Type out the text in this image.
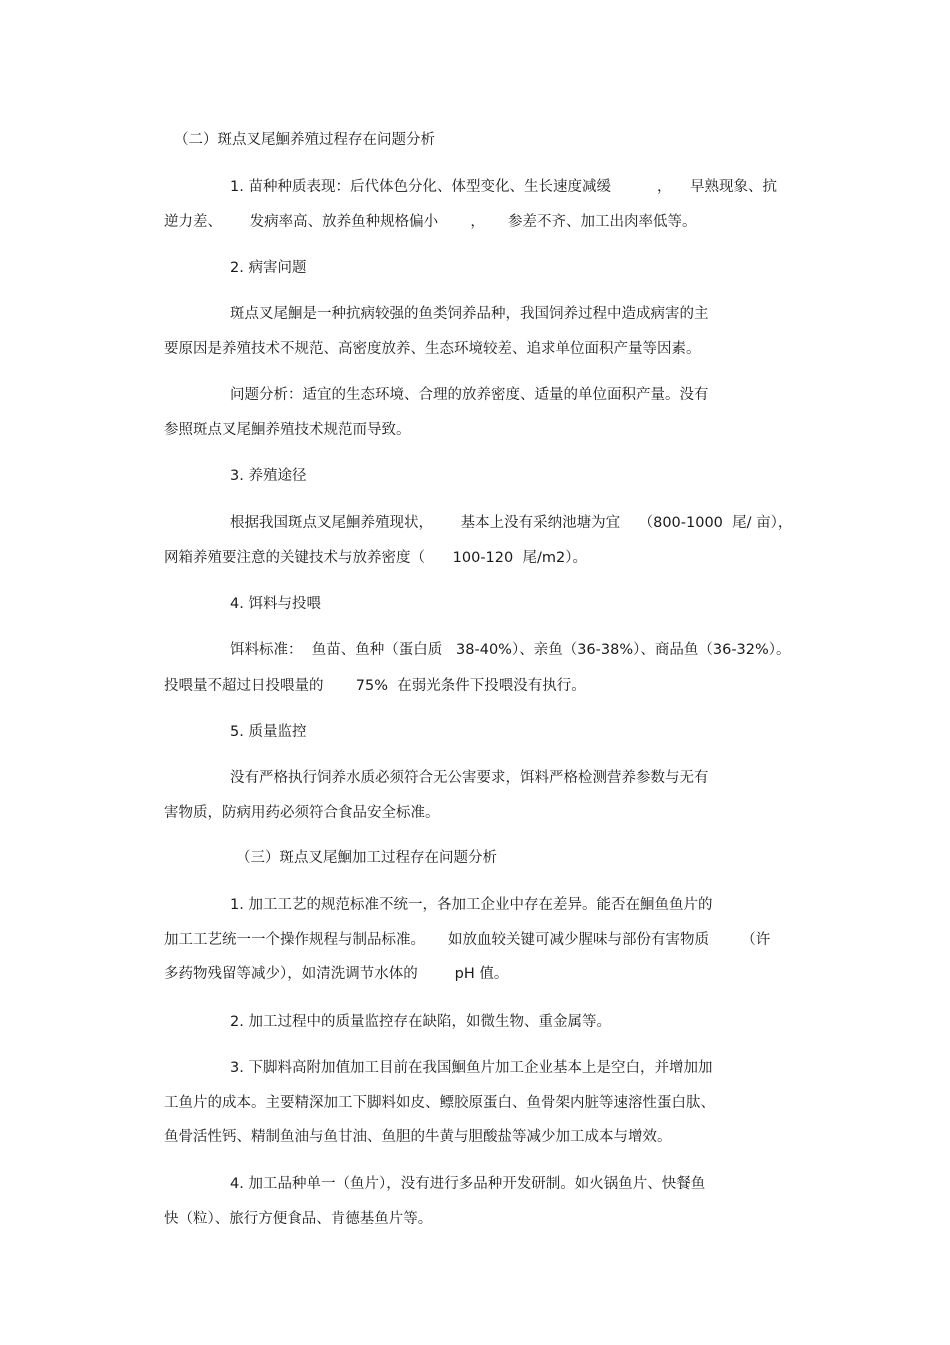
（二）斑点叉尾鮰养殖过程存在问题分析
1. 苗种种质表现：后代体色分化、体型变化、生长速度减缓          ，    早熟现象、抗
逆力差、      发病率高、放养鱼种规格偏小       ，     参差不齐、加工出肉率低等。
2. 病害问题
斑点叉尾鮰是一种抗病较强的鱼类饲养品种，我国饲养过程中造成病害的主
要原因是养殖技术不规范、高密度放养、生态环境较差、追求单位面积产量等因素。
问题分析：适宜的生态环境、合理的放养密度、适量的单位面积产量。没有
参照斑点叉尾鮰养殖技术规范而导致。
3. 养殖途径
根据我国斑点叉尾鮰养殖现状，      基本上没有采纳池塘为宜    （800-1000  尾/ 亩），
网箱养殖要注意的关键技术与放养密度（      100-120  尾/m2）。
4. 饵料与投喂
饵料标准：  鱼苗、鱼种（蛋白质   38-40%）、亲鱼（36-38%）、商品鱼（36-32%）。
投喂量不超过日投喂量的       75%  在弱光条件下投喂没有执行。
5. 质量监控
没有严格执行饲养水质必须符合无公害要求，饵料严格检测营养参数与无有
害物质，防病用药必须符合食品安全标准。
（三）斑点叉尾鮰加工过程存在问题分析
1. 加工工艺的规范标准不统一，各加工企业中存在差异。能否在鮰鱼鱼片的
加工工艺统一一个操作规程与制品标准。     如放血较关键可减少腥味与部份有害物质       （许
多药物残留等减少），如清洗调节水体的        pH 值。
2. 加工过程中的质量监控存在缺陷，如微生物、重金属等。
3. 下脚料高附加值加工目前在我国鮰鱼片加工企业基本上是空白，并增加加
工鱼片的成本。主要精深加工下脚料如皮、鳔胶原蛋白、鱼骨架内脏等速溶性蛋白肽、
鱼骨活性钙、精制鱼油与鱼甘油、鱼胆的牛黄与胆酸盐等减少加工成本与增效。
4. 加工品种单一（鱼片），没有进行多品种开发研制。如火锅鱼片、快餐鱼
快（粒）、旅行方便食品、肯德基鱼片等。
